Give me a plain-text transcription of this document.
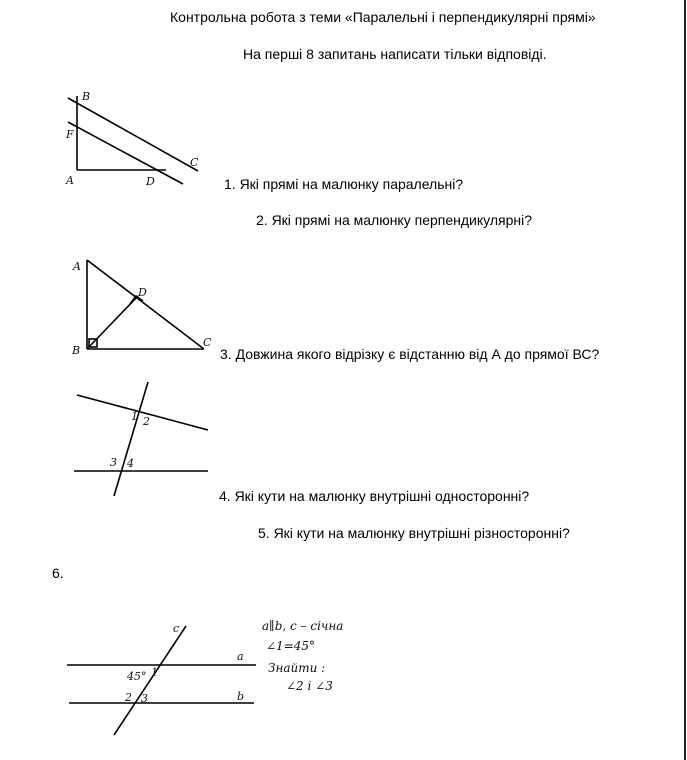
Контрольна робота з теми «Паралельні і перпендикулярні прямі»
На перші 8 запитань написати тільки відповіді.
1. Які прямі на малюнку паралельні?
2. Які прямі на малюнку перпендикулярні?
3. Довжина якого відрізку є відстанню від А до прямої ВС?
4. Які кути на малюнку внутрішні односторонні?
5. Які кути на малюнку внутрішні різносторонні?
6.
B
F
A	D
C
A
B
C
D
1 2
3 4
c
a
b
45° 1
2 3
a∥b, c – січна
∠1=45°
Знайти :
∠2 і ∠3
